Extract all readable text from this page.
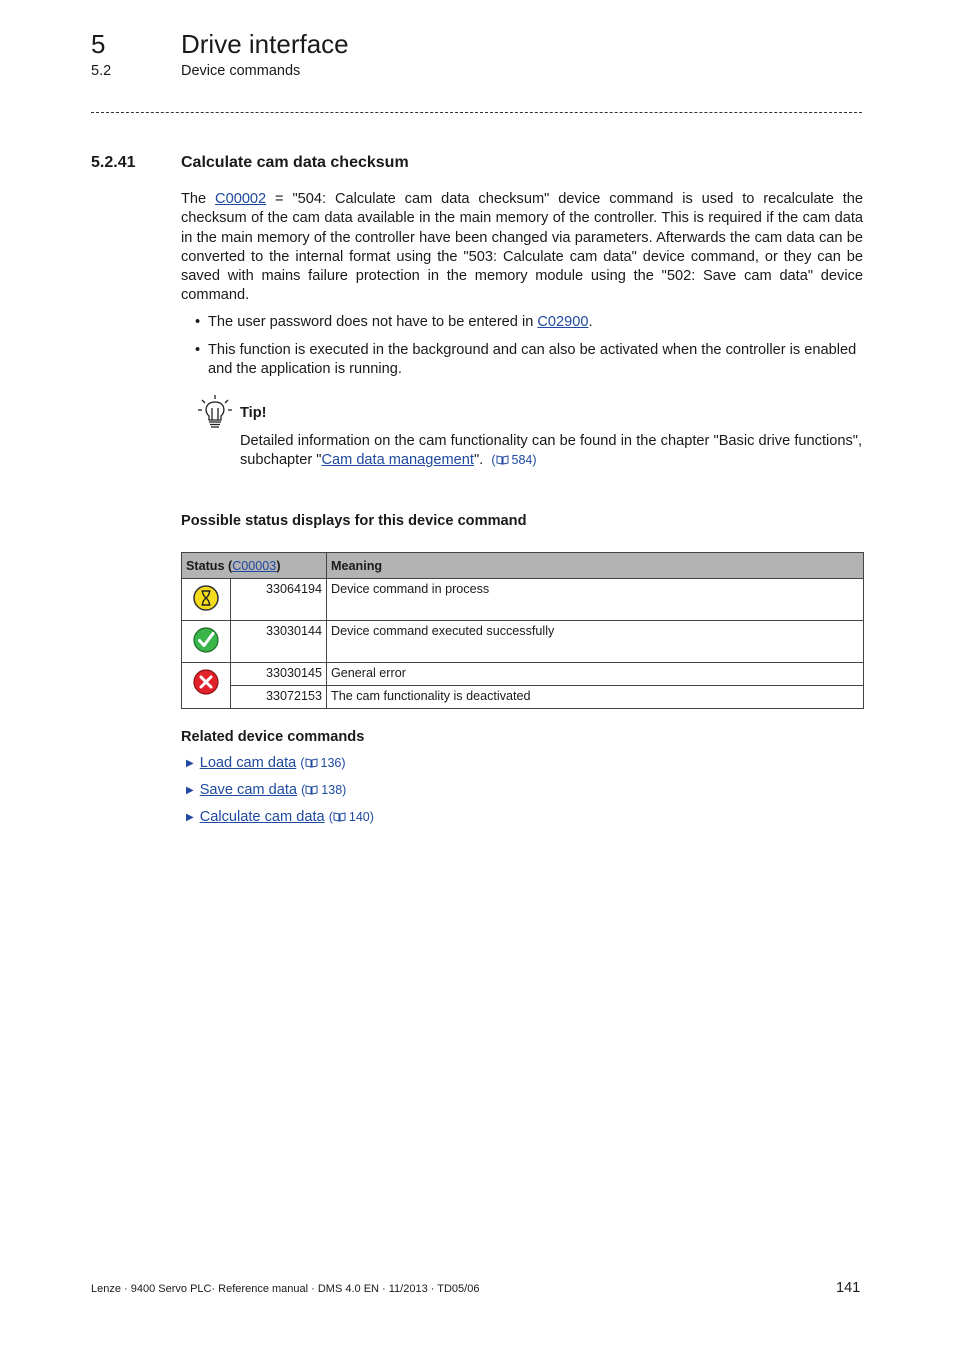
5	Drive interface
5.2	Device commands
5.2.41	Calculate cam data checksum
The C00002 = "504: Calculate cam data checksum" device command is used to recalculate the checksum of the cam data available in the main memory of the controller. This is required if the cam data in the main memory of the controller have been changed via parameters. Afterwards the cam data can be converted to the internal format using the "503: Calculate cam data" device command, or they can be saved with mains failure protection in the memory module using the "502: Save cam data" device command.
• The user password does not have to be entered in C02900.
• This function is executed in the background and can also be activated when the controller is enabled and the application is running.
Tip!
Detailed information on the cam functionality can be found in the chapter "Basic drive functions", subchapter "Cam data management". ( 584)
Possible status displays for this device command
Status (C00003)		Meaning

33064194	Device command in process

33030144	Device command executed successfully

33030145	General error

	33072153	The cam functionality is deactivated
Related device commands
▶ Load cam data ( 136)
▶ Save cam data ( 138)
▶ Calculate cam data ( 140)
Lenze · 9400 Servo PLC· Reference manual · DMS 4.0 EN · 11/2013 · TD05/06	141
